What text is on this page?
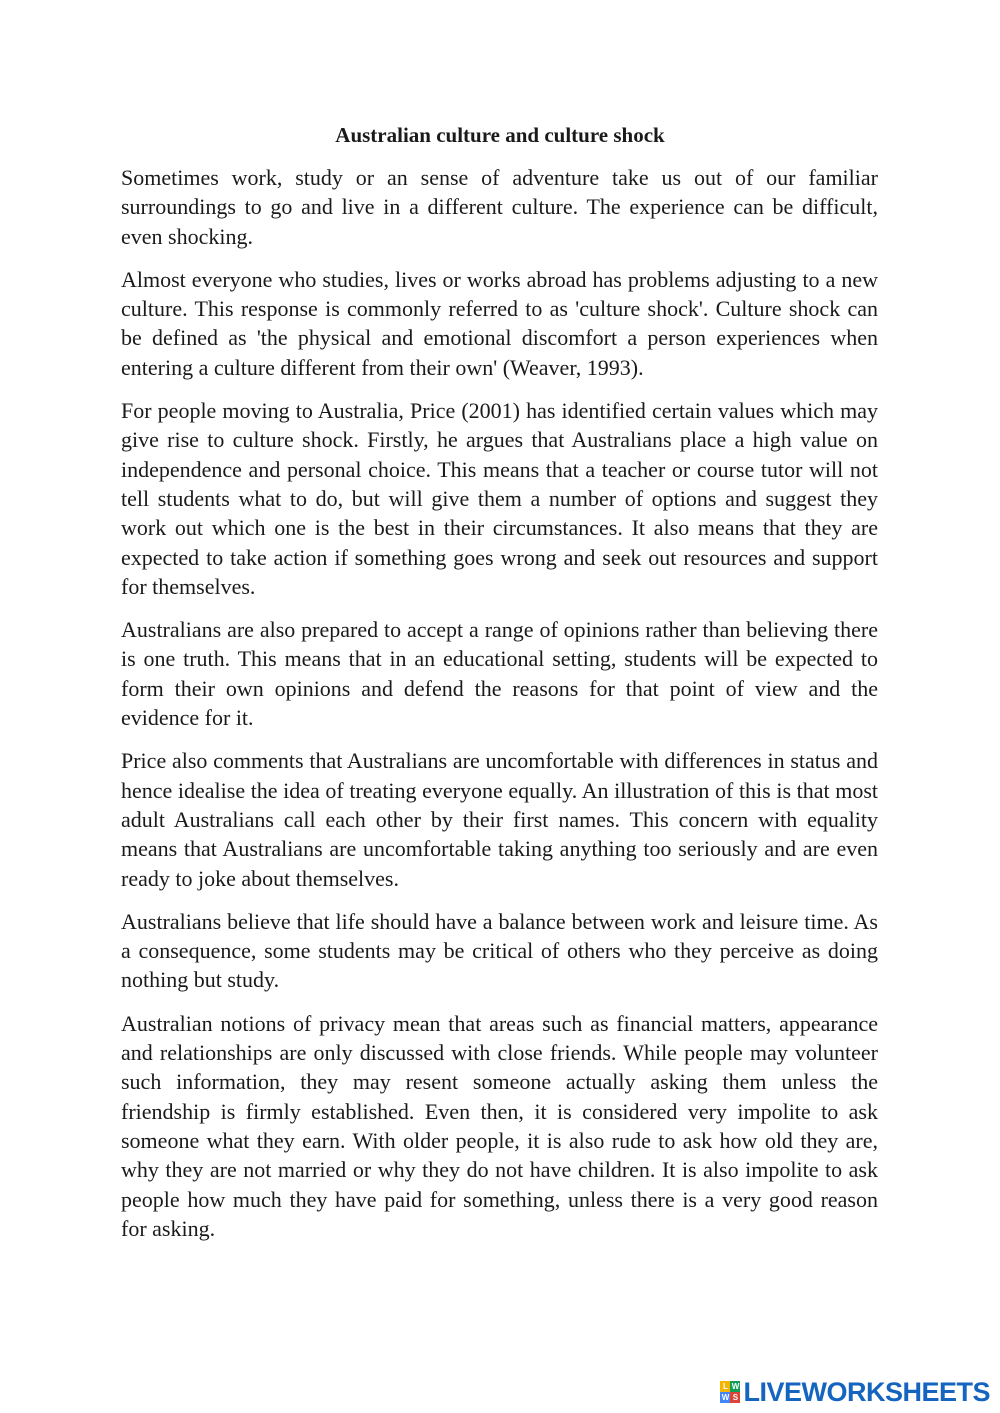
Australian culture and culture shock

Sometimes work, study or an sense of adventure take us out of our familiar surroundings to go and live in a different culture. The experience can be difficult, even shocking.

Almost everyone who studies, lives or works abroad has problems adjusting to a new culture. This response is commonly referred to as 'culture shock'. Culture shock can be defined as 'the physical and emotional discomfort a person experiences when entering a culture different from their own' (Weaver, 1993).

For people moving to Australia, Price (2001) has identified certain values which may give rise to culture shock. Firstly, he argues that Australians place a high value on independence and personal choice. This means that a teacher or course tutor will not tell students what to do, but will give them a number of options and suggest they work out which one is the best in their circumstances. It also means that they are expected to take action if something goes wrong and seek out resources and support for themselves.

Australians are also prepared to accept a range of opinions rather than believing there is one truth. This means that in an educational setting, students will be expected to form their own opinions and defend the reasons for that point of view and the evidence for it.

Price also comments that Australians are uncomfortable with differences in status and hence idealise the idea of treating everyone equally. An illustration of this is that most adult Australians call each other by their first names. This concern with equality means that Australians are uncomfortable taking anything too seriously and are even ready to joke about themselves.

Australians believe that life should have a balance between work and leisure time. As a consequence, some students may be critical of others who they perceive as doing nothing but study.

Australian notions of privacy mean that areas such as financial matters, appearance and relationships are only discussed with close friends. While people may volunteer such information, they may resent someone actually asking them unless the friendship is firmly established. Even then, it is considered very impolite to ask someone what they earn. With older people, it is also rude to ask how old they are, why they are not married or why they do not have children. It is also impolite to ask people how much they have paid for something, unless there is a very good reason for asking.

L W
W S LIVEWORKSHEETS
